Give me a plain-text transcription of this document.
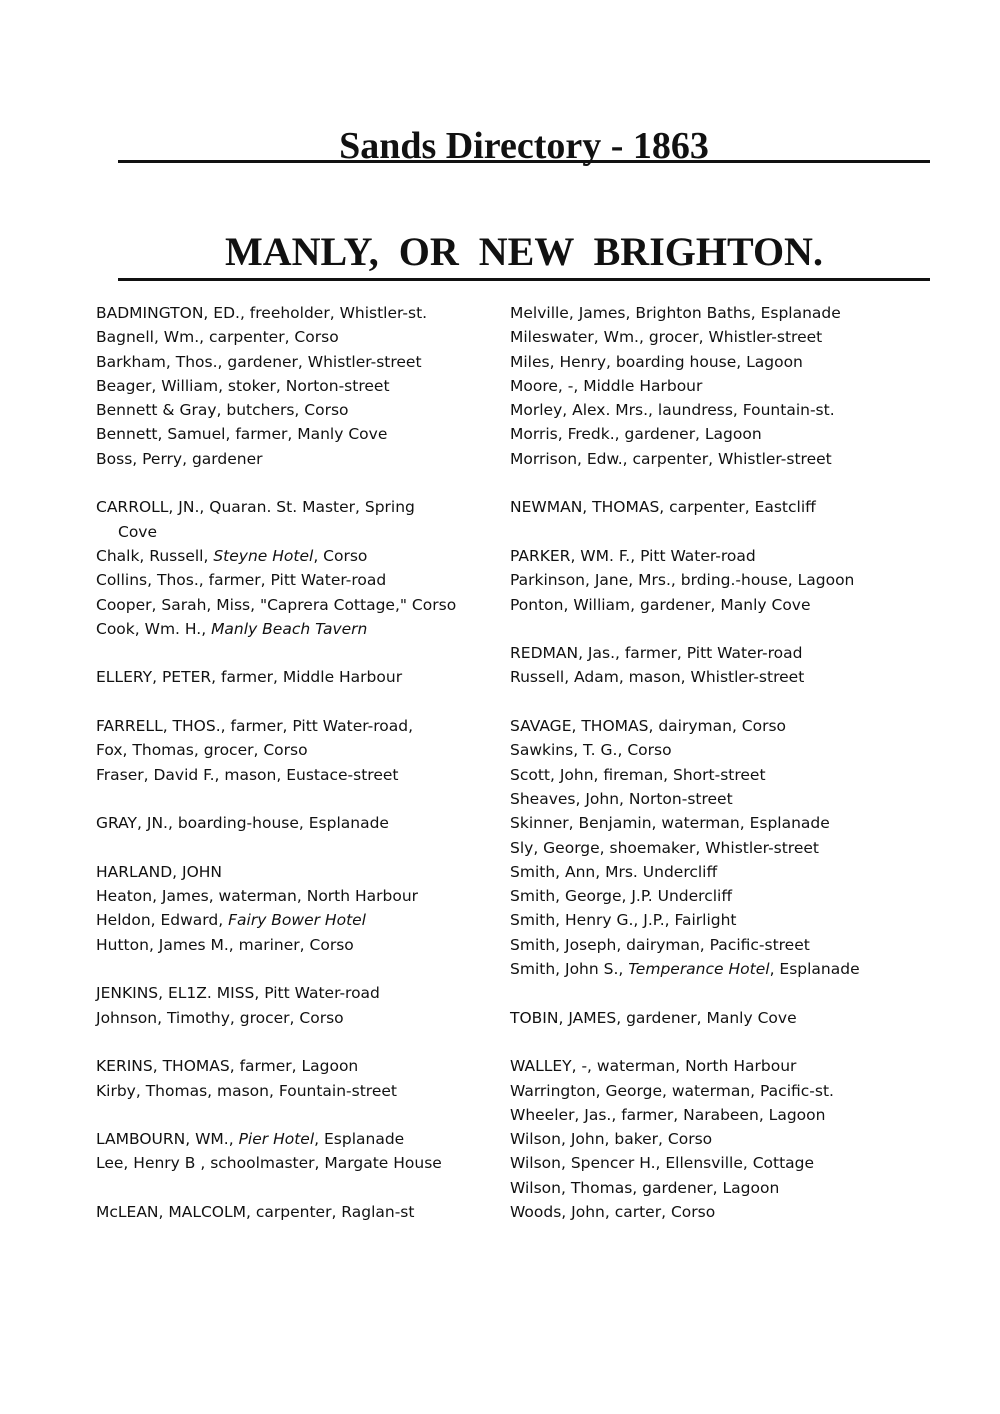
Sands Directory - 1863
MANLY, OR NEW BRIGHTON.
BADMINGTON, ED., freeholder, Whistler-st.
Bagnell, Wm., carpenter, Corso
Barkham, Thos., gardener, Whistler-street
Beager, William, stoker, Norton-street
Bennett & Gray, butchers, Corso
Bennett, Samuel, farmer, Manly Cove
Boss, Perry, gardener
CARROLL, JN., Quaran. St. Master, Spring
Cove
Chalk, Russell, Steyne Hotel, Corso
Collins, Thos., farmer, Pitt Water-road
Cooper, Sarah, Miss, "Caprera Cottage," Corso
Cook, Wm. H., Manly Beach Tavern
ELLERY, PETER, farmer, Middle Harbour
FARRELL, THOS., farmer, Pitt Water-road,
Fox, Thomas, grocer, Corso
Fraser, David F., mason, Eustace-street
GRAY, JN., boarding-house, Esplanade
HARLAND, JOHN
Heaton, James, waterman, North Harbour
Heldon, Edward, Fairy Bower Hotel
Hutton, James M., mariner, Corso
JENKINS, EL1Z. MISS, Pitt Water-road
Johnson, Timothy, grocer, Corso
KERINS, THOMAS, farmer, Lagoon
Kirby, Thomas, mason, Fountain-street
LAMBOURN, WM., Pier Hotel, Esplanade
Lee, Henry B , schoolmaster, Margate House
McLEAN, MALCOLM, carpenter, Raglan-st
Melville, James, Brighton Baths, Esplanade
Mileswater, Wm., grocer, Whistler-street
Miles, Henry, boarding house, Lagoon
Moore, -, Middle Harbour
Morley, Alex. Mrs., laundress, Fountain-st.
Morris, Fredk., gardener, Lagoon
Morrison, Edw., carpenter, Whistler-street
NEWMAN, THOMAS, carpenter, Eastcliff
PARKER, WM. F., Pitt Water-road
Parkinson, Jane, Mrs., brding.-house, Lagoon
Ponton, William, gardener, Manly Cove
REDMAN, Jas., farmer, Pitt Water-road
Russell, Adam, mason, Whistler-street
SAVAGE, THOMAS, dairyman, Corso
Sawkins, T. G., Corso
Scott, John, fireman, Short-street
Sheaves, John, Norton-street
Skinner, Benjamin, waterman, Esplanade
Sly, George, shoemaker, Whistler-street
Smith, Ann, Mrs. Undercliff
Smith, George, J.P. Undercliff
Smith, Henry G., J.P., Fairlight
Smith, Joseph, dairyman, Pacific-street
Smith, John S., Temperance Hotel, Esplanade
TOBIN, JAMES, gardener, Manly Cove
WALLEY, -, waterman, North Harbour
Warrington, George, waterman, Pacific-st.
Wheeler, Jas., farmer, Narabeen, Lagoon
Wilson, John, baker, Corso
Wilson, Spencer H., Ellensville, Cottage
Wilson, Thomas, gardener, Lagoon
Woods, John, carter, Corso
